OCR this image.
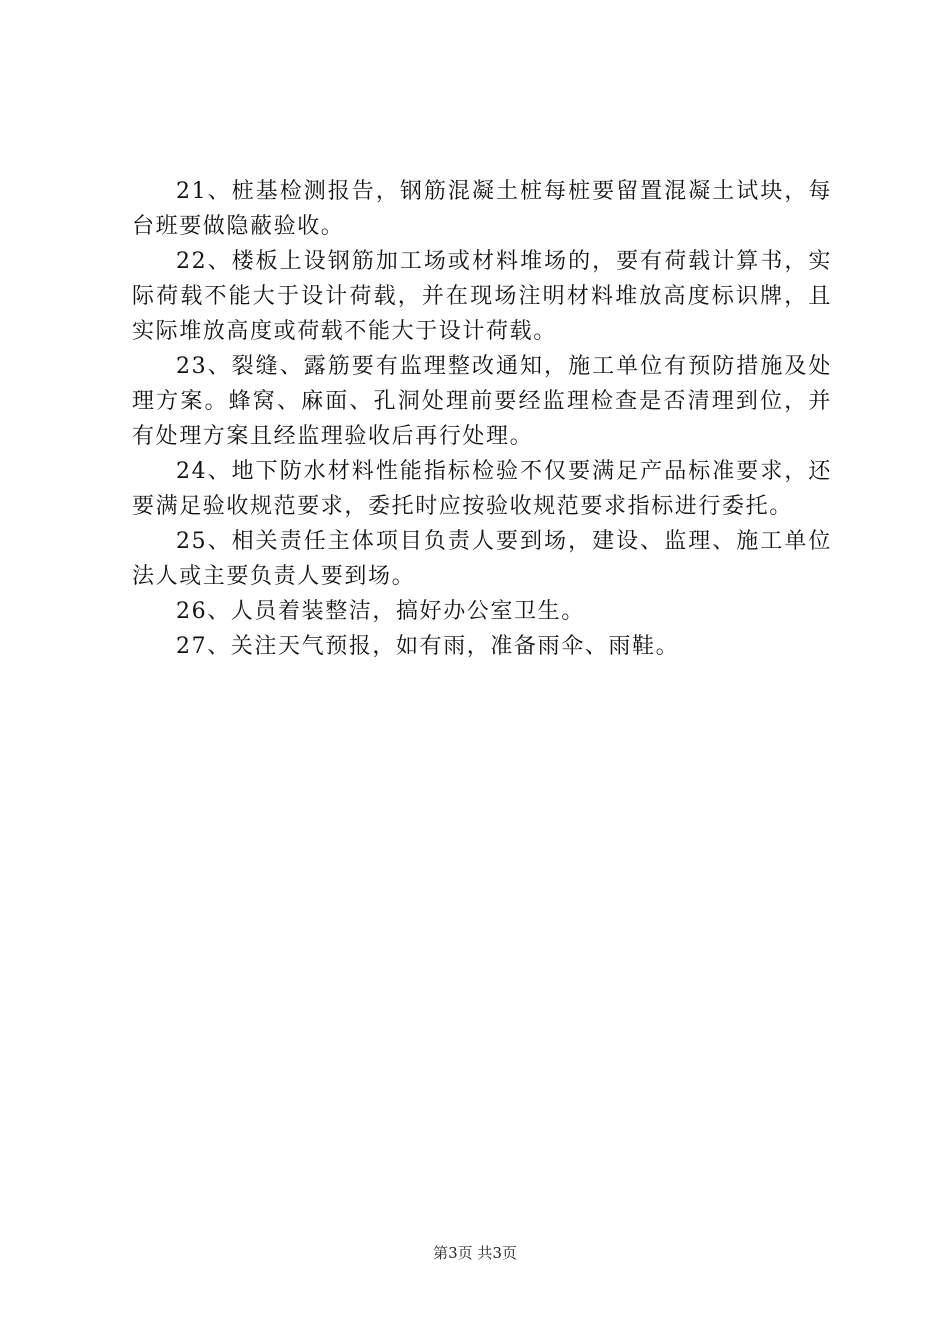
21、桩基检测报告，钢筋混凝土桩每桩要留置混凝土试块，每台班要做隐蔽验收。

22、楼板上设钢筋加工场或材料堆场的，要有荷载计算书，实际荷载不能大于设计荷载，并在现场注明材料堆放高度标识牌，且实际堆放高度或荷载不能大于设计荷载。

23、裂缝、露筋要有监理整改通知，施工单位有预防措施及处理方案。蜂窝、麻面、孔洞处理前要经监理检查是否清理到位，并有处理方案且经监理验收后再行处理。

24、地下防水材料性能指标检验不仅要满足产品标准要求，还要满足验收规范要求，委托时应按验收规范要求指标进行委托。

25、相关责任主体项目负责人要到场，建设、监理、施工单位法人或主要负责人要到场。

26、人员着装整洁，搞好办公室卫生。

27、关注天气预报，如有雨，准备雨伞、雨鞋。

第3页 共3页
